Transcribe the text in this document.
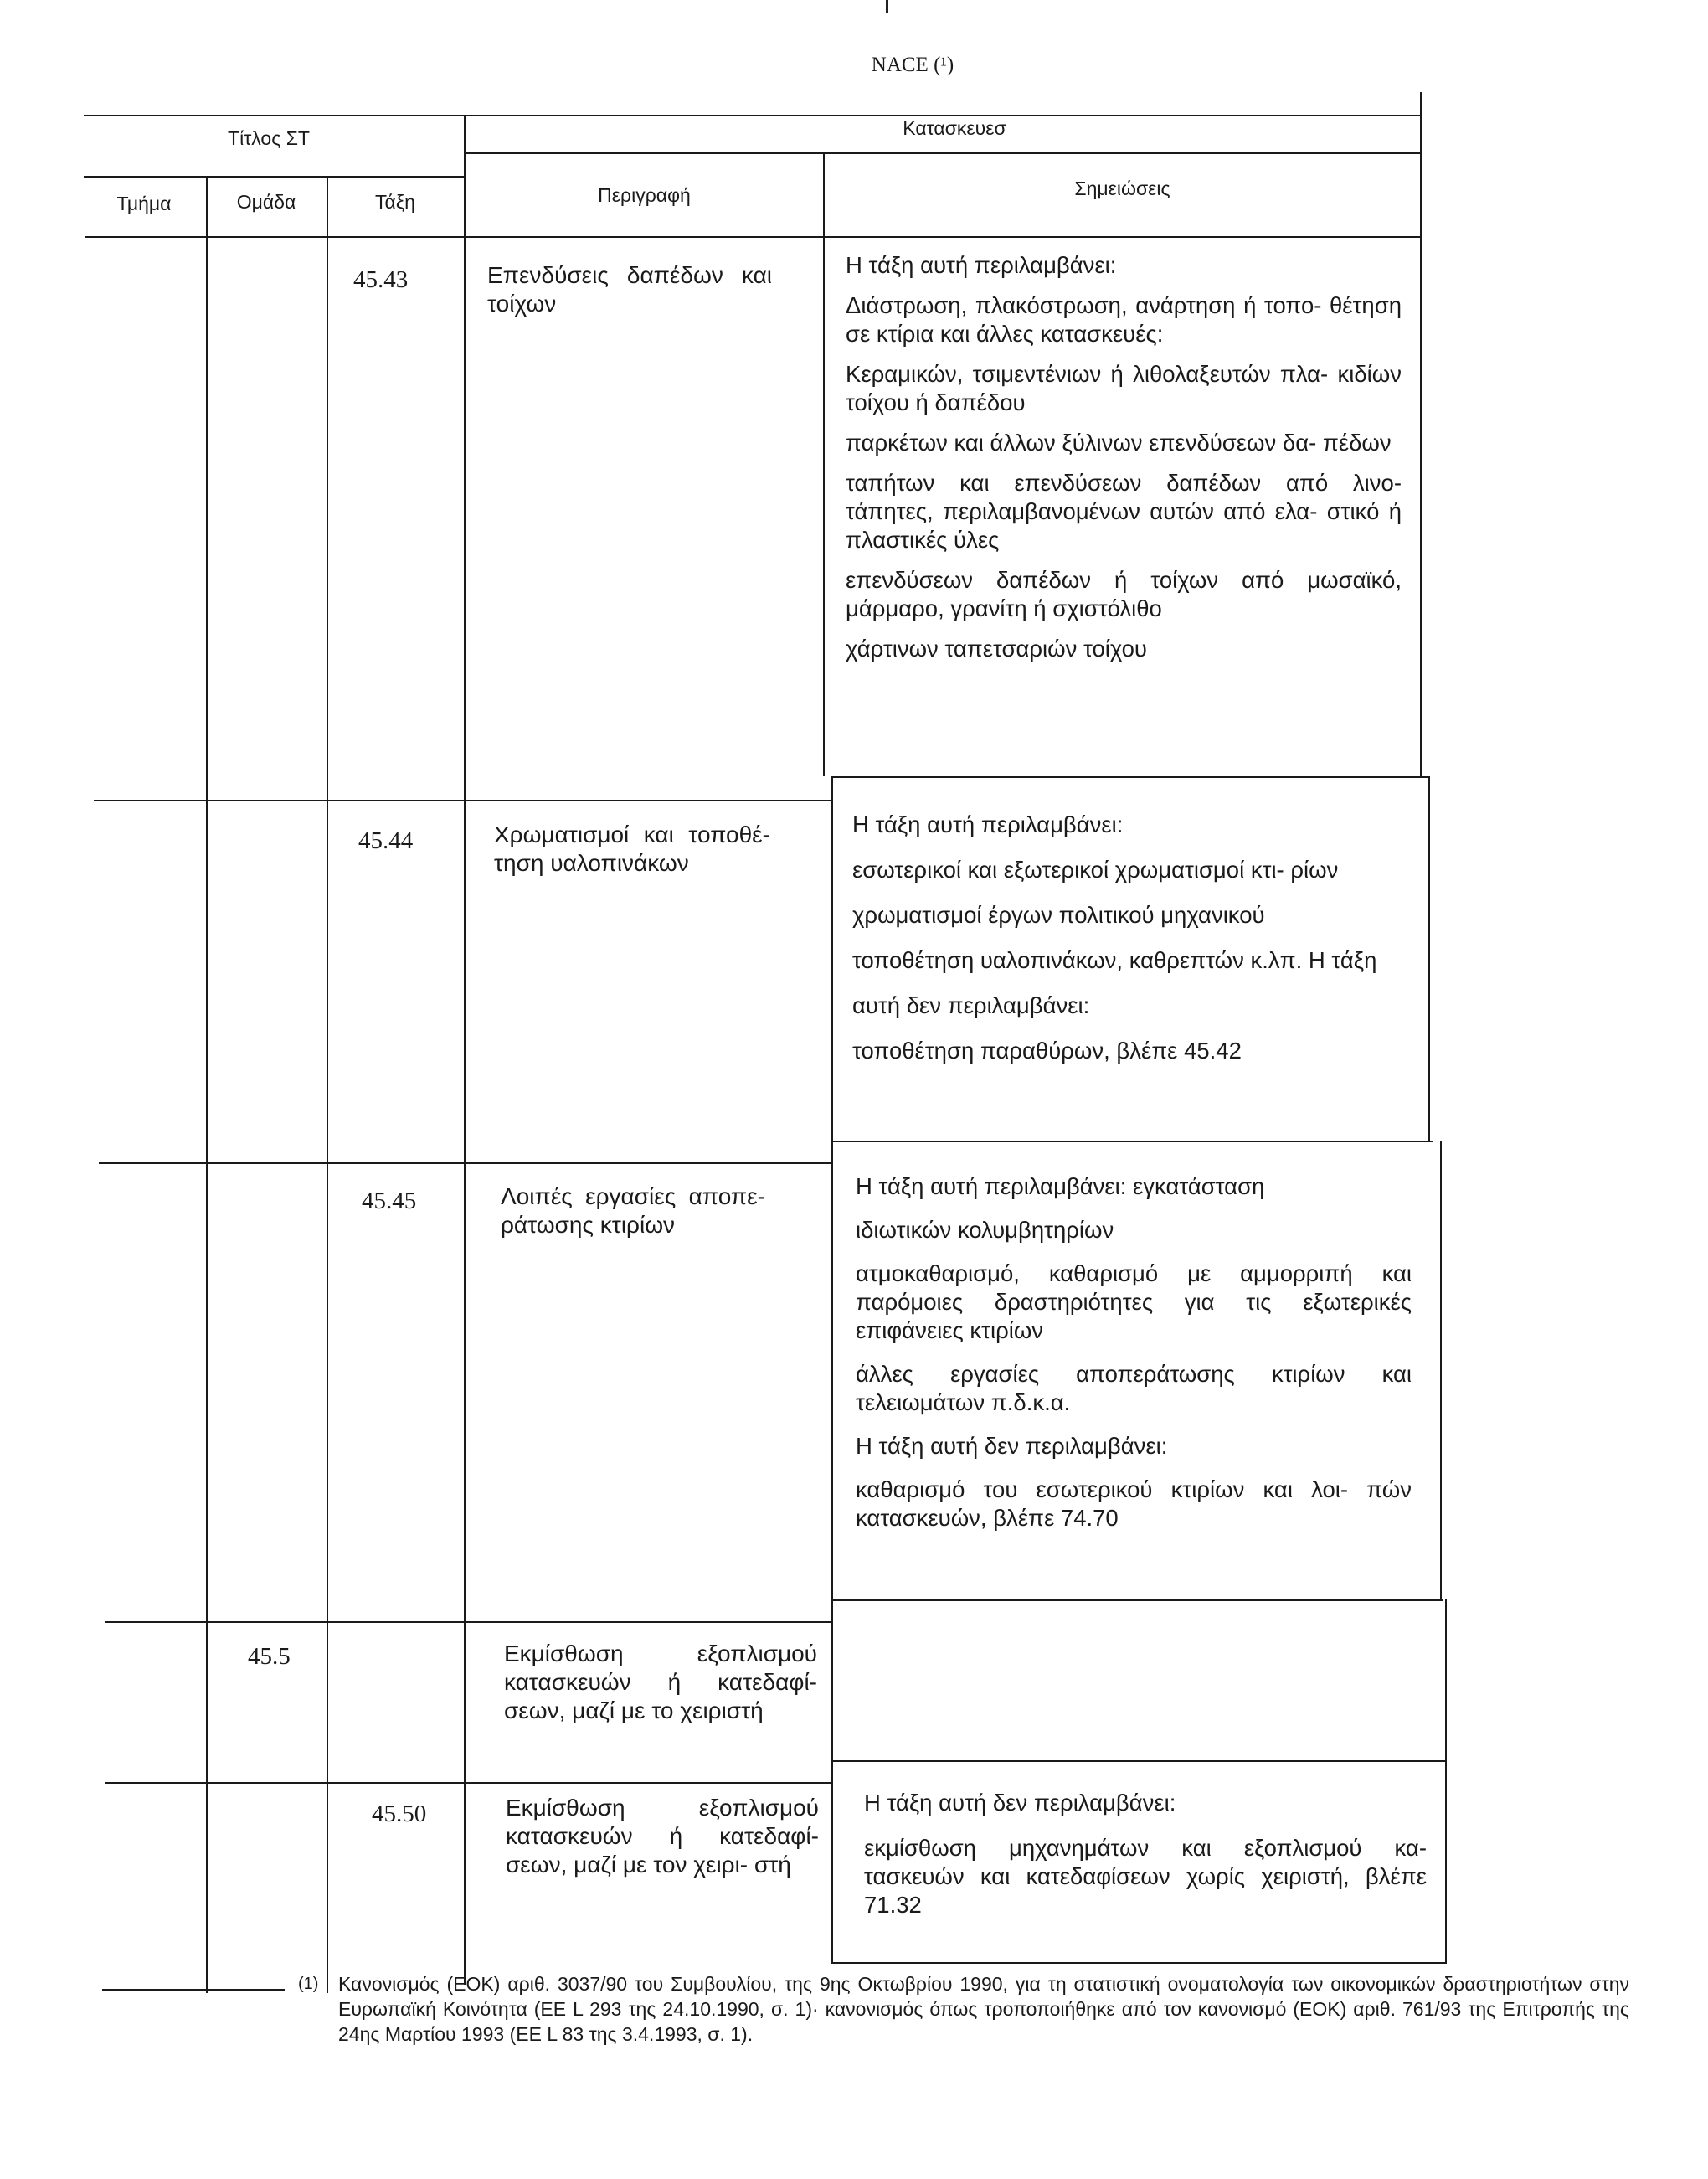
NACE (¹)
Τίτλος ΣΤ	Κατασκευεσ
Τμήμα	Ομάδα	Τάξη	Περιγραφή	Σημειώσεις
45.43	Επενδύσεις δαπέδων και τοίχων

Η τάξη αυτή περιλαμβάνει:

Διάστρωση, πλακόστρωση, ανάρτηση ή τοπο- θέτηση σε κτίρια και άλλες κατασκευές:

Κεραμικών, τσιμεντένιων ή λιθολαξευτών πλα- κιδίων τοίχου ή δαπέδου

παρκέτων και άλλων ξύλινων επενδύσεων δα- πέδων

ταπήτων και επενδύσεων δαπέδων από λινο- τάπητες, περιλαμβανομένων αυτών από ελα- στικό ή πλαστικές ύλες

επενδύσεων δαπέδων ή τοίχων από μωσαϊκό, μάρμαρο, γρανίτη ή σχιστόλιθο

χάρτινων ταπετσαριών τοίχου

45.44	Χρωματισμοί και τοποθέ- τηση υαλοπινάκων

Η τάξη αυτή περιλαμβάνει:

εσωτερικοί και εξωτερικοί χρωματισμοί κτι- ρίων

χρωματισμοί έργων πολιτικού μηχανικού

τοποθέτηση υαλοπινάκων, καθρεπτών κ.λπ. Η τάξη

αυτή δεν περιλαμβάνει:

τοποθέτηση παραθύρων, βλέπε 45.42

45.45	Λοιπές εργασίες αποπε- ράτωσης κτιρίων

Η τάξη αυτή περιλαμβάνει: εγκατάσταση

ιδιωτικών κολυμβητηρίων

ατμοκαθαρισμό, καθαρισμό με αμμορριπή και παρόμοιες δραστηριότητες για τις εξωτερικές επιφάνειες κτιρίων

άλλες εργασίες αποπεράτωσης κτιρίων και τελειωμάτων π.δ.κ.α.

Η τάξη αυτή δεν περιλαμβάνει:

καθαρισμό του εσωτερικού κτιρίων και λοι- πών κατασκευών, βλέπε 74.70

45.5	Εκμίσθωση εξοπλισμού κατασκευών ή κατεδαφί- σεων, μαζί με το χειριστή
45.50	Εκμίσθωση εξοπλισμού κατασκευών ή κατεδαφί- σεων, μαζί με τον χειρι- στή

Η τάξη αυτή δεν περιλαμβάνει:

εκμίσθωση μηχανημάτων και εξοπλισμού κα- τασκευών και κατεδαφίσεων χωρίς χειριστή, βλέπε 71.32

(1) Κανονισμός (ΕΟΚ) αριθ. 3037/90 του Συμβουλίου, της 9ης Οκτωβρίου 1990, για τη στατιστική ονοματολογία των οικονομικών δραστηριοτήτων στην Ευρωπαϊκή Κοινότητα (ΕΕ L 293 της 24.10.1990, σ. 1)· κανονισμός όπως τροποποιήθηκε από τον κανονισμό (ΕΟΚ) αριθ. 761/93 της Επιτροπής της 24ης Μαρτίου 1993 (ΕΕ L 83 της 3.4.1993, σ. 1).
